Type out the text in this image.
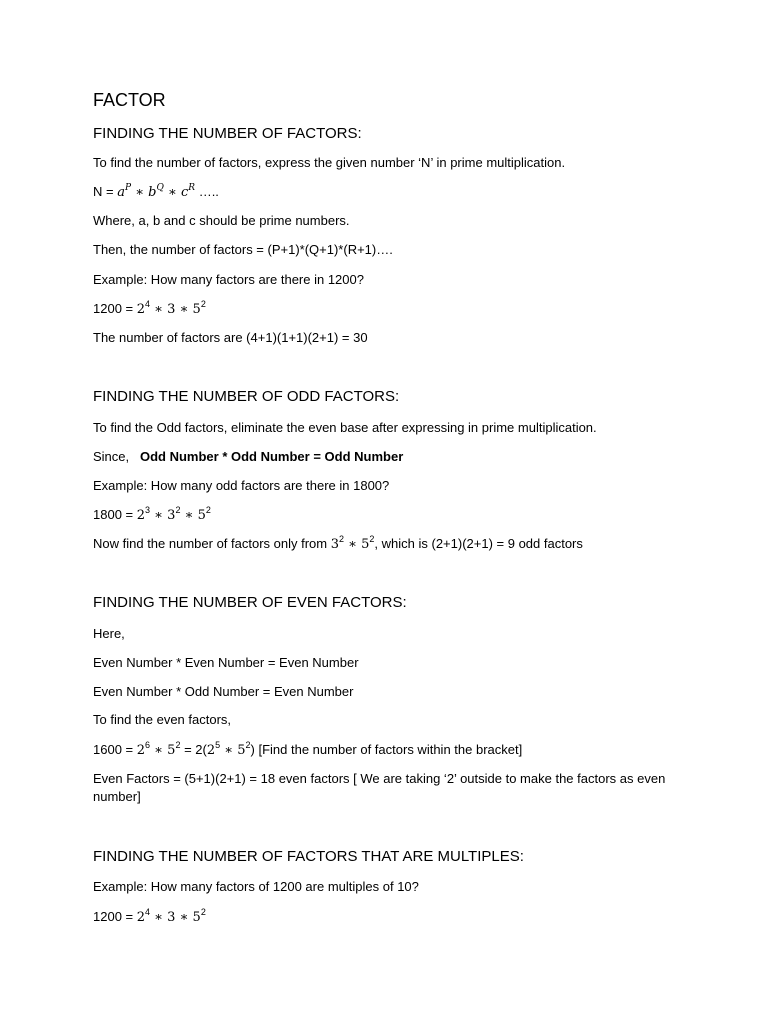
FACTOR

FINDING THE NUMBER OF FACTORS:

To find the number of factors, express the given number ‘N’ in prime multiplication.

$N = a^P$ ∗ $b^Q$ ∗ $c^R$ …..

Where, a, b and c should be prime numbers.

Then, the number of factors = (P+1)*(Q+1)*(R+1)….

Example: How many factors are there in 1200?

$1200 = 2^4$ ∗ 3 ∗ $5^2$

The number of factors are (4+1)(1+1)(2+1) = 30

FINDING THE NUMBER OF ODD FACTORS:

To find the Odd factors, eliminate the even base after expressing in prime multiplication.

Since, Odd Number * Odd Number = Odd Number

Example: How many odd factors are there in 1800?

$1800 = 2^3$ ∗ $3^2$ ∗ $5^2$

Now find the number of factors only from $3^2$ ∗ $5^2$, which is (2+1)(2+1) = 9 odd factors

FINDING THE NUMBER OF EVEN FACTORS:

Here,

Even Number * Even Number = Even Number

Even Number * Odd Number = Even Number

To find the even factors,

$1600 = 2^6$ ∗ $5^2 = 2(2^5$ ∗ $5^2$) [Find the number of factors within the bracket]

Even Factors = (5+1)(2+1) = 18 even factors [ We are taking ‘2’ outside to make the factors as even number]

FINDING THE NUMBER OF FACTORS THAT ARE MULTIPLES:

Example: How many factors of 1200 are multiples of 10?

$1200 = 2^4$ ∗ 3 ∗ $5^2$
